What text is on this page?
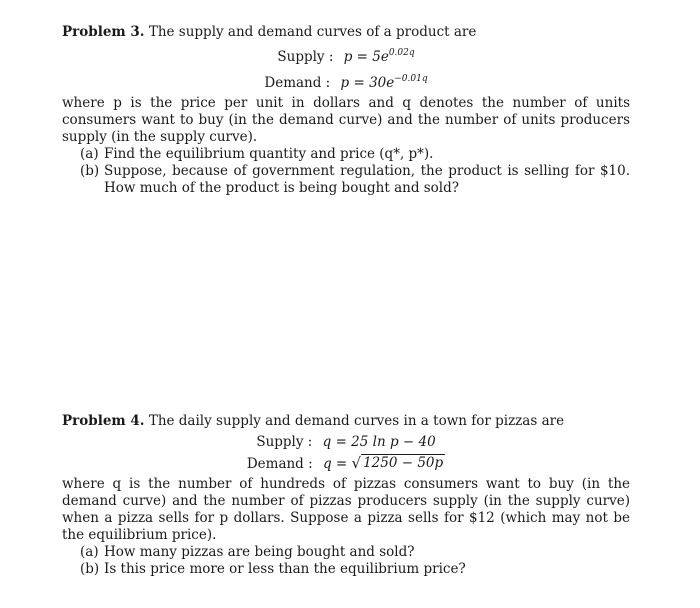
Problem 3. The supply and demand curves of a product are
Supply : $p = 5e^{0.02q}$
Demand : $p = 30e^{-0.01q}$
where p is the price per unit in dollars and q denotes the number of units consumers want to buy (in the demand curve) and the number of units producers supply (in the supply curve).
(a) Find the equilibrium quantity and price (q*, p*).
(b) Suppose, because of government regulation, the product is selling for $10. How much of the product is being bought and sold?
Problem 4. The daily supply and demand curves in a town for pizzas are
Supply : q = 25 ln p − 40
Demand : q = √ 1250 − 50p
where q is the number of hundreds of pizzas consumers want to buy (in the demand curve) and the number of pizzas producers supply (in the supply curve) when a pizza sells for p dollars. Suppose a pizza sells for $12 (which may not be the equilibrium price).
(a) How many pizzas are being bought and sold?
(b) Is this price more or less than the equilibrium price?
